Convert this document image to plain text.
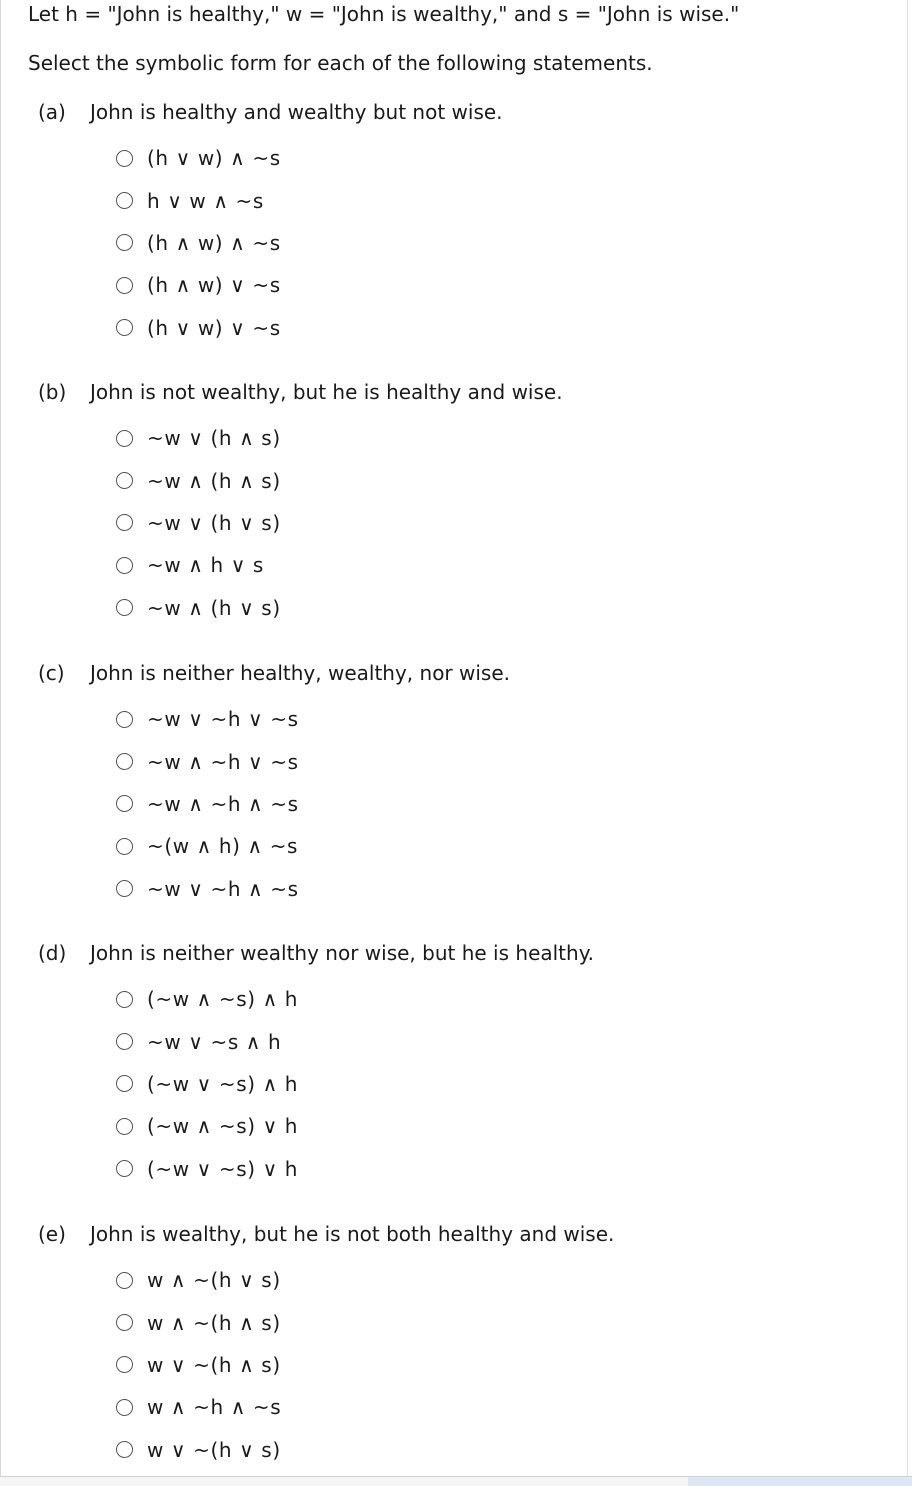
Let h = "John is healthy," w = "John is wealthy," and s = "John is wise."
Select the symbolic form for each of the following statements.
(a)	John is healthy and wealthy but not wise.
(h ∨ w) ∧ ~s
h ∨ w ∧ ~s
(h ∧ w) ∧ ~s
(h ∧ w) ∨ ~s
(h ∨ w) ∨ ~s
(b)	John is not wealthy, but he is healthy and wise.
~w ∨ (h ∧ s)
~w ∧ (h ∧ s)
~w ∨ (h ∨ s)
~w ∧ h ∨ s
~w ∧ (h ∨ s)
(c)	John is neither healthy, wealthy, nor wise.
~w ∨ ~h ∨ ~s
~w ∧ ~h ∨ ~s
~w ∧ ~h ∧ ~s
~(w ∧ h) ∧ ~s
~w ∨ ~h ∧ ~s
(d)	John is neither wealthy nor wise, but he is healthy.
(~w ∧ ~s) ∧ h
~w ∨ ~s ∧ h
(~w ∨ ~s) ∧ h
(~w ∧ ~s) ∨ h
(~w ∨ ~s) ∨ h
(e)	John is wealthy, but he is not both healthy and wise.
w ∧ ~(h ∨ s)
w ∧ ~(h ∧ s)
w ∨ ~(h ∧ s)
w ∧ ~h ∧ ~s
w ∨ ~(h ∨ s)
